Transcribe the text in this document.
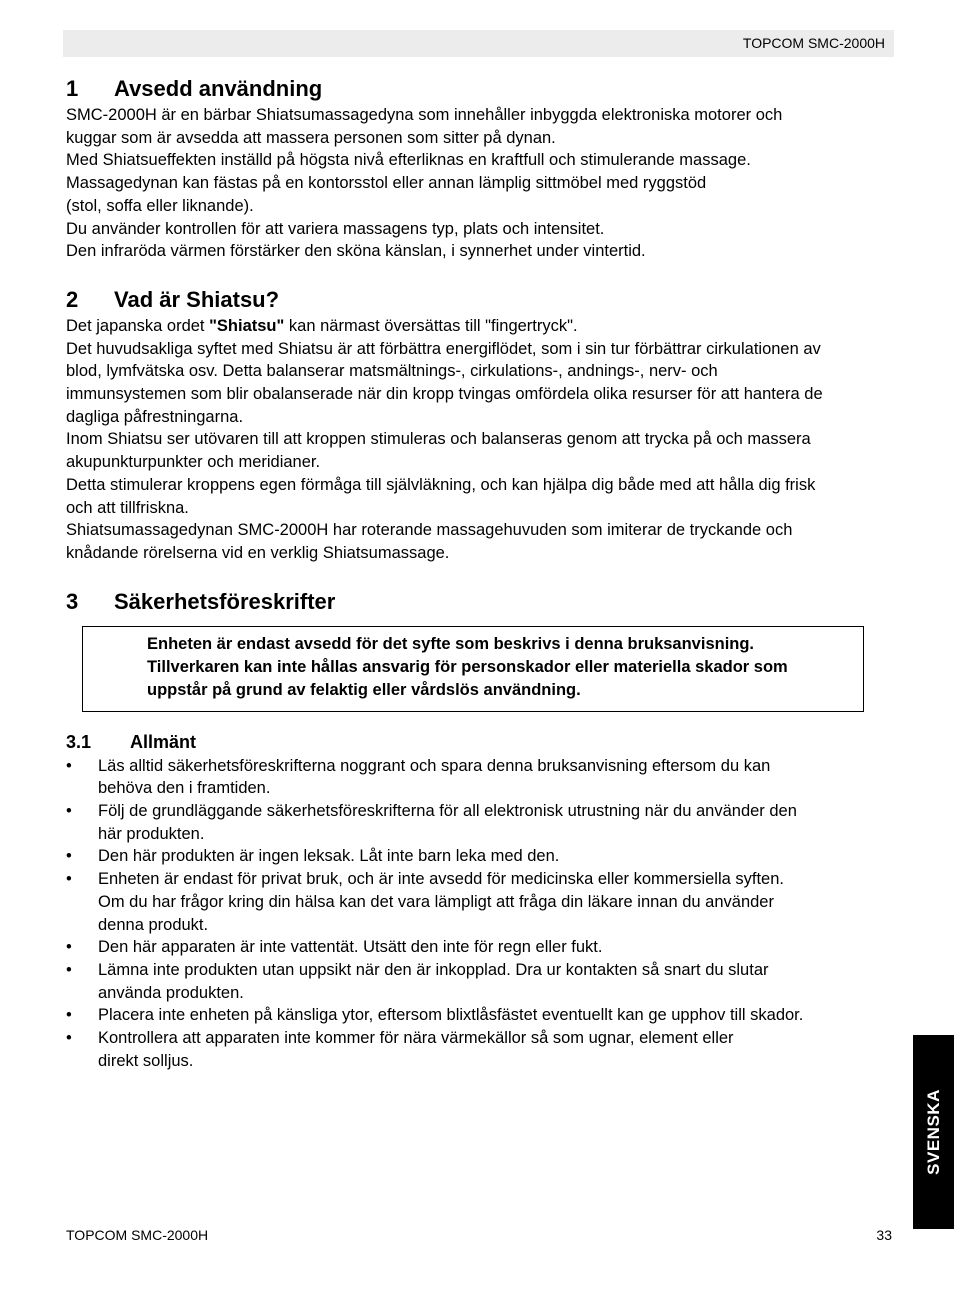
TOPCOM SMC-2000H
1 Avsedd användning

SMC-2000H är en bärbar Shiatsumassagedyna som innehåller inbyggda elektroniska motorer och

kuggar som är avsedda att massera personen som sitter på dynan.

Med Shiatsueffekten inställd på högsta nivå efterliknas en kraftfull och stimulerande massage.

Massagedynan kan fästas på en kontorsstol eller annan lämplig sittmöbel med ryggstöd

(stol, soffa eller liknande).

Du använder kontrollen för att variera massagens typ, plats och intensitet.

Den infraröda värmen förstärker den sköna känslan, i synnerhet under vintertid.

2 Vad är Shiatsu?

Det japanska ordet "Shiatsu" kan närmast översättas till "fingertryck".

Det huvudsakliga syftet med Shiatsu är att förbättra energiflödet, som i sin tur förbättrar cirkulationen av

blod, lymfvätska osv. Detta balanserar matsmältnings-, cirkulations-, andnings-, nerv- och

immunsystemen som blir obalanserade när din kropp tvingas omfördela olika resurser för att hantera de

dagliga påfrestningarna.

Inom Shiatsu ser utövaren till att kroppen stimuleras och balanseras genom att trycka på och massera

akupunkturpunkter och meridianer.

Detta stimulerar kroppens egen förmåga till självläkning, och kan hjälpa dig både med att hålla dig frisk

och att tillfriskna.

Shiatsumassagedynan SMC-2000H har roterande massagehuvuden som imiterar de tryckande och

knådande rörelserna vid en verklig Shiatsumassage.

3 Säkerhetsföreskrifter

Enheten är endast avsedd för det syfte som beskrivs i denna bruksanvisning.

Tillverkaren kan inte hållas ansvarig för personskador eller materiella skador som

uppstår på grund av felaktig eller vårdslös användning.

3.1 Allmänt
• Läs alltid säkerhetsföreskrifterna noggrant och spara denna bruksanvisning eftersom du kan
behöva den i framtiden.
• Följ de grundläggande säkerhetsföreskrifterna för all elektronisk utrustning när du använder den
här produkten.
• Den här produkten är ingen leksak. Låt inte barn leka med den.
• Enheten är endast för privat bruk, och är inte avsedd för medicinska eller kommersiella syften.
Om du har frågor kring din hälsa kan det vara lämpligt att fråga din läkare innan du använder
denna produkt.
• Den här apparaten är inte vattentät. Utsätt den inte för regn eller fukt.
• Lämna inte produkten utan uppsikt när den är inkopplad. Dra ur kontakten så snart du slutar
använda produkten.
• Placera inte enheten på känsliga ytor, eftersom blixtlåsfästet eventuellt kan ge upphov till skador.
• Kontrollera att apparaten inte kommer för nära värmekällor så som ugnar, element eller
direkt solljus.
SVENSKA
TOPCOM SMC-2000H	33
